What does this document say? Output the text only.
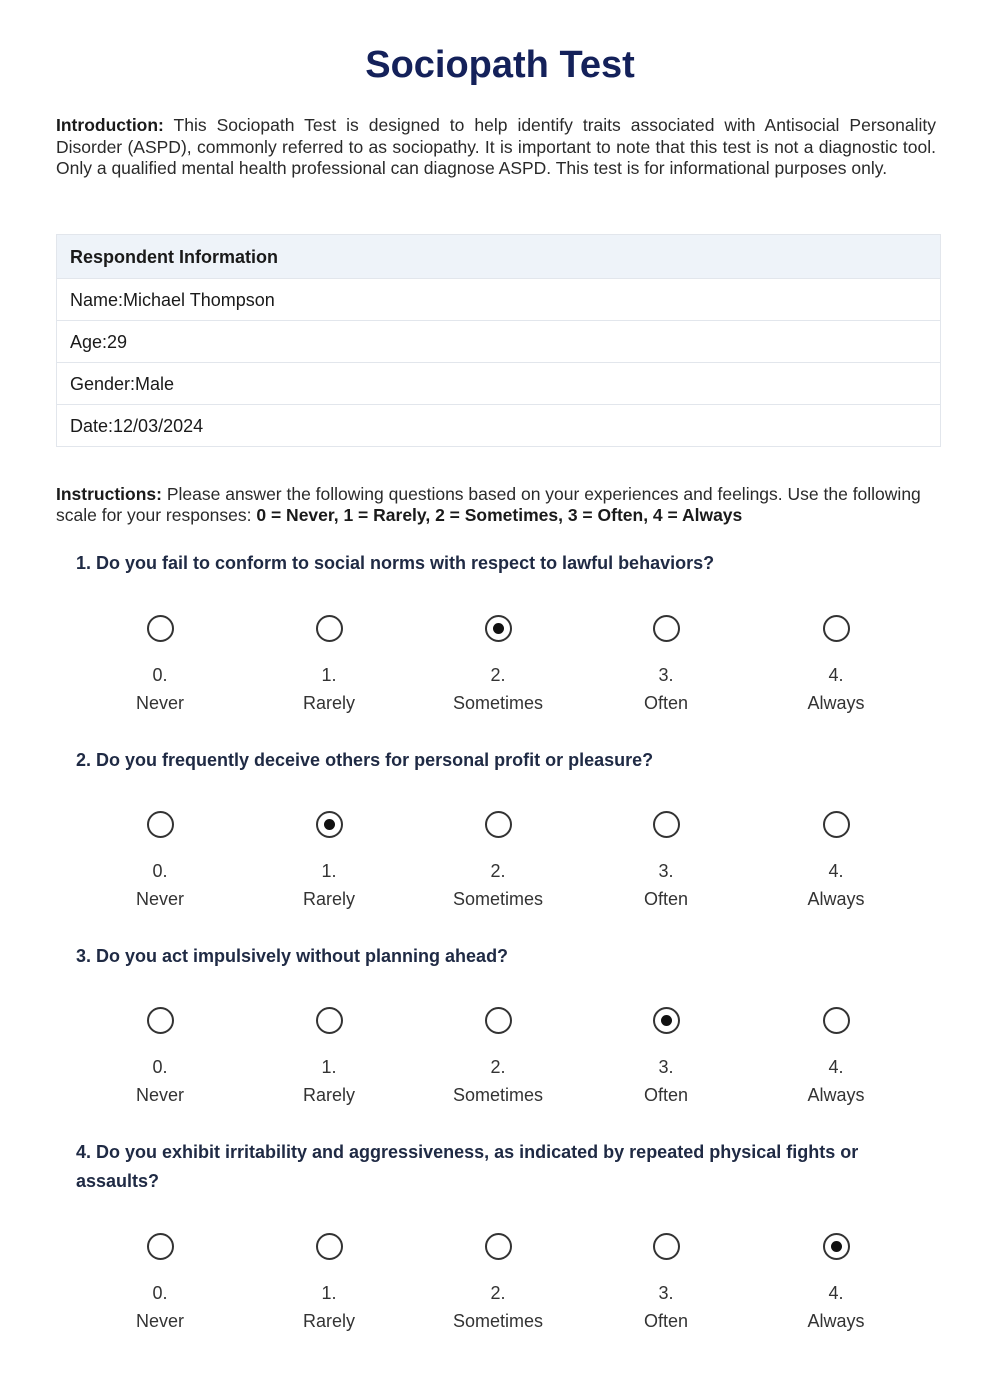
Sociopath Test
Introduction: This Sociopath Test is designed to help identify traits associated with Antisocial Personality Disorder (ASPD), commonly referred to as sociopathy. It is important to note that this test is not a diagnostic tool. Only a qualified mental health professional can diagnose ASPD. This test is for informational purposes only.
Respondent Information
Name:Michael Thompson
Age:29
Gender:Male
Date:12/03/2024
Instructions: Please answer the following questions based on your experiences and feelings. Use the following scale for your responses: 0 = Never, 1 = Rarely, 2 = Sometimes, 3 = Often, 4 = Always
1. Do you fail to conform to social norms with respect to lawful behaviors?
0.
Never
1.
Rarely
2.
Sometimes
3.
Often
4.
Always
2. Do you frequently deceive others for personal profit or pleasure?
0.
Never
1.
Rarely
2.
Sometimes
3.
Often
4.
Always
3. Do you act impulsively without planning ahead?
0.
Never
1.
Rarely
2.
Sometimes
3.
Often
4.
Always
4. Do you exhibit irritability and aggressiveness, as indicated by repeated physical fights or assaults?
0.
Never
1.
Rarely
2.
Sometimes
3.
Often
4.
Always
